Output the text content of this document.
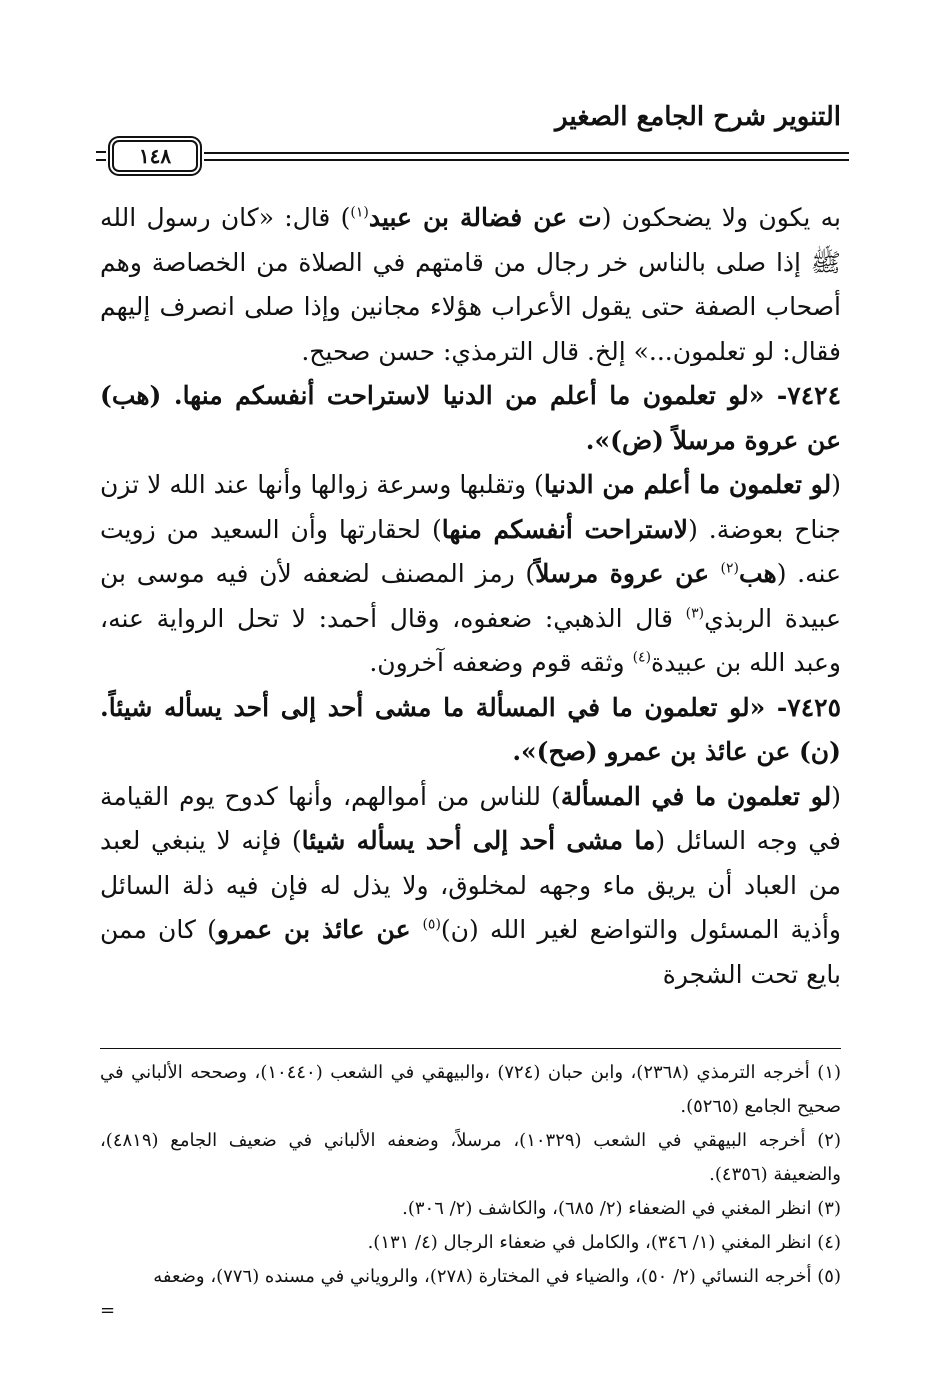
التنوير شرح الجامع الصغير
١٤٨

به يكون ولا يضحكون (ت عن فضالة بن عبيد$^{(١)}$) قال: «كان رسول الله ﷺ إذا صلى بالناس خر رجال من قامتهم في الصلاة من الخصاصة وهم أصحاب الصفة حتى يقول الأعراب هؤلاء مجانين وإذا صلى انصرف إليهم فقال: لو تعلمون...» إلخ. قال الترمذي: حسن صحيح.

٧٤٢٤- «لو تعلمون ما أعلم من الدنيا لاستراحت أنفسكم منها. (هب) عن عروة مرسلاً (ض)».

(لو تعلمون ما أعلم من الدنيا) وتقلبها وسرعة زوالها وأنها عند الله لا تزن جناح بعوضة. (لاستراحت أنفسكم منها) لحقارتها وأن السعيد من زويت عنه. (هب$^{(٢)}$ عن عروة مرسلاً) رمز المصنف لضعفه لأن فيه موسى بن عبيدة الربذي$^{(٣)}$ قال الذهبي: ضعفوه، وقال أحمد: لا تحل الرواية عنه، وعبد الله بن عبيدة$^{(٤)}$ وثقه قوم وضعفه آخرون.

٧٤٢٥- «لو تعلمون ما في المسألة ما مشى أحد إلى أحد يسأله شيئاً. (ن) عن عائذ بن عمرو (صح)».

(لو تعلمون ما في المسألة) للناس من أموالهم، وأنها كدوح يوم القيامة في وجه السائل (ما مشى أحد إلى أحد يسأله شيئا) فإنه لا ينبغي لعبد من العباد أن يريق ماء وجهه لمخلوق، ولا يذل له فإن فيه ذلة السائل وأذية المسئول والتواضع لغير الله (ن)$^{(٥)}$ عن عائذ بن عمرو) كان ممن بايع تحت الشجرة

(١) أخرجه الترمذي (٢٣٦٨)، وابن حبان (٧٢٤) ،والبيهقي في الشعب (١٠٤٤٠)، وصححه الألباني في صحيح الجامع (٥٢٦٥).

(٢) أخرجه البيهقي في الشعب (١٠٣٢٩)، مرسلاً، وضعفه الألباني في ضعيف الجامع (٤٨١٩)، والضعيفة (٤٣٥٦).

(٣) انظر المغني في الضعفاء (٢/ ٦٨٥)، والكاشف (٢/ ٣٠٦).

(٤) انظر المغني (١/ ٣٤٦)، والكامل في ضعفاء الرجال (٤/ ١٣١).

(٥) أخرجه النسائي (٢/ ٥٠)، والضياء في المختارة (٢٧٨)، والروياني في مسنده (٧٧٦)، وضعفه

=
